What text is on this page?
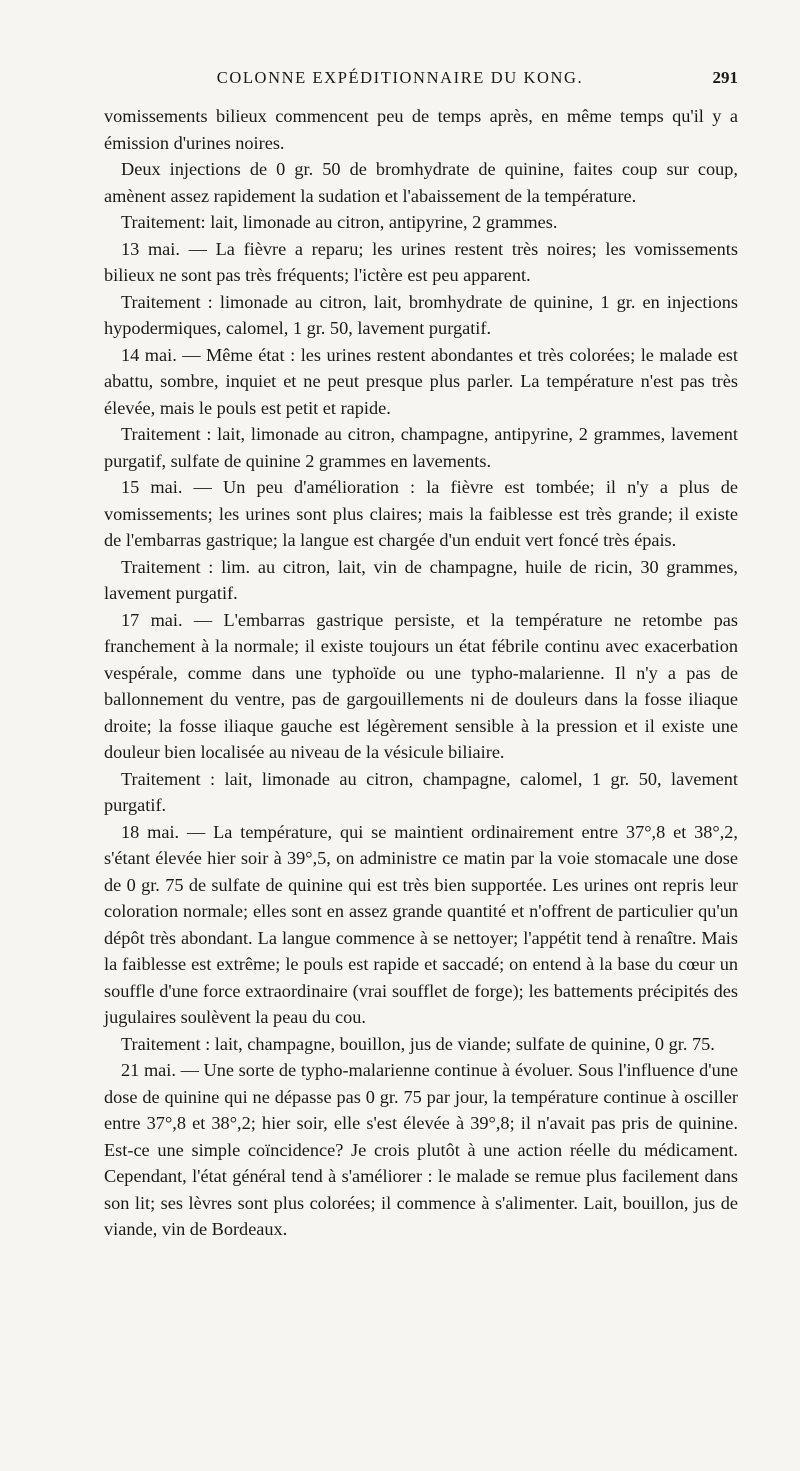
COLONNE EXPÉDITIONNAIRE DU KONG.	291

vomissements bilieux commencent peu de temps après, en même temps qu'il y a émission d'urines noires.

Deux injections de 0 gr. 50 de bromhydrate de quinine, faites coup sur coup, amènent assez rapidement la sudation et l'abaissement de la température.

Traitement: lait, limonade au citron, antipyrine, 2 grammes.

13 mai. — La fièvre a reparu; les urines restent très noires; les vomissements bilieux ne sont pas très fréquents; l'ictère est peu apparent.

Traitement : limonade au citron, lait, bromhydrate de quinine, 1 gr. en injections hypodermiques, calomel, 1 gr. 50, lavement purgatif.

14 mai. — Même état : les urines restent abondantes et très colorées; le malade est abattu, sombre, inquiet et ne peut presque plus parler. La température n'est pas très élevée, mais le pouls est petit et rapide.

Traitement : lait, limonade au citron, champagne, antipyrine, 2 grammes, lavement purgatif, sulfate de quinine 2 grammes en lavements.

15 mai. — Un peu d'amélioration : la fièvre est tombée; il n'y a plus de vomissements; les urines sont plus claires; mais la faiblesse est très grande; il existe de l'embarras gastrique; la langue est chargée d'un enduit vert foncé très épais.

Traitement : lim. au citron, lait, vin de champagne, huile de ricin, 30 grammes, lavement purgatif.

17 mai. — L'embarras gastrique persiste, et la température ne retombe pas franchement à la normale; il existe toujours un état fébrile continu avec exacerbation vespérale, comme dans une typhoïde ou une typho-malarienne. Il n'y a pas de ballonnement du ventre, pas de gargouillements ni de douleurs dans la fosse iliaque droite; la fosse iliaque gauche est légèrement sensible à la pression et il existe une douleur bien localisée au niveau de la vésicule biliaire.

Traitement : lait, limonade au citron, champagne, calomel, 1 gr. 50, lavement purgatif.

18 mai. — La température, qui se maintient ordinairement entre 37°,8 et 38°,2, s'étant élevée hier soir à 39°,5, on administre ce matin par la voie stomacale une dose de 0 gr. 75 de sulfate de quinine qui est très bien supportée. Les urines ont repris leur coloration normale; elles sont en assez grande quantité et n'offrent de particulier qu'un dépôt très abondant. La langue commence à se nettoyer; l'appétit tend à renaître. Mais la faiblesse est extrême; le pouls est rapide et saccadé; on entend à la base du cœur un souffle d'une force extraordinaire (vrai soufflet de forge); les battements précipités des jugulaires soulèvent la peau du cou.

Traitement : lait, champagne, bouillon, jus de viande; sulfate de quinine, 0 gr. 75.

21 mai. — Une sorte de typho-malarienne continue à évoluer. Sous l'influence d'une dose de quinine qui ne dépasse pas 0 gr. 75 par jour, la température continue à osciller entre 37°,8 et 38°,2; hier soir, elle s'est élevée à 39°,8; il n'avait pas pris de quinine. Est-ce une simple coïncidence? Je crois plutôt à une action réelle du médicament. Cependant, l'état général tend à s'améliorer : le malade se remue plus facilement dans son lit; ses lèvres sont plus colorées; il commence à s'alimenter. Lait, bouillon, jus de viande, vin de Bordeaux.
